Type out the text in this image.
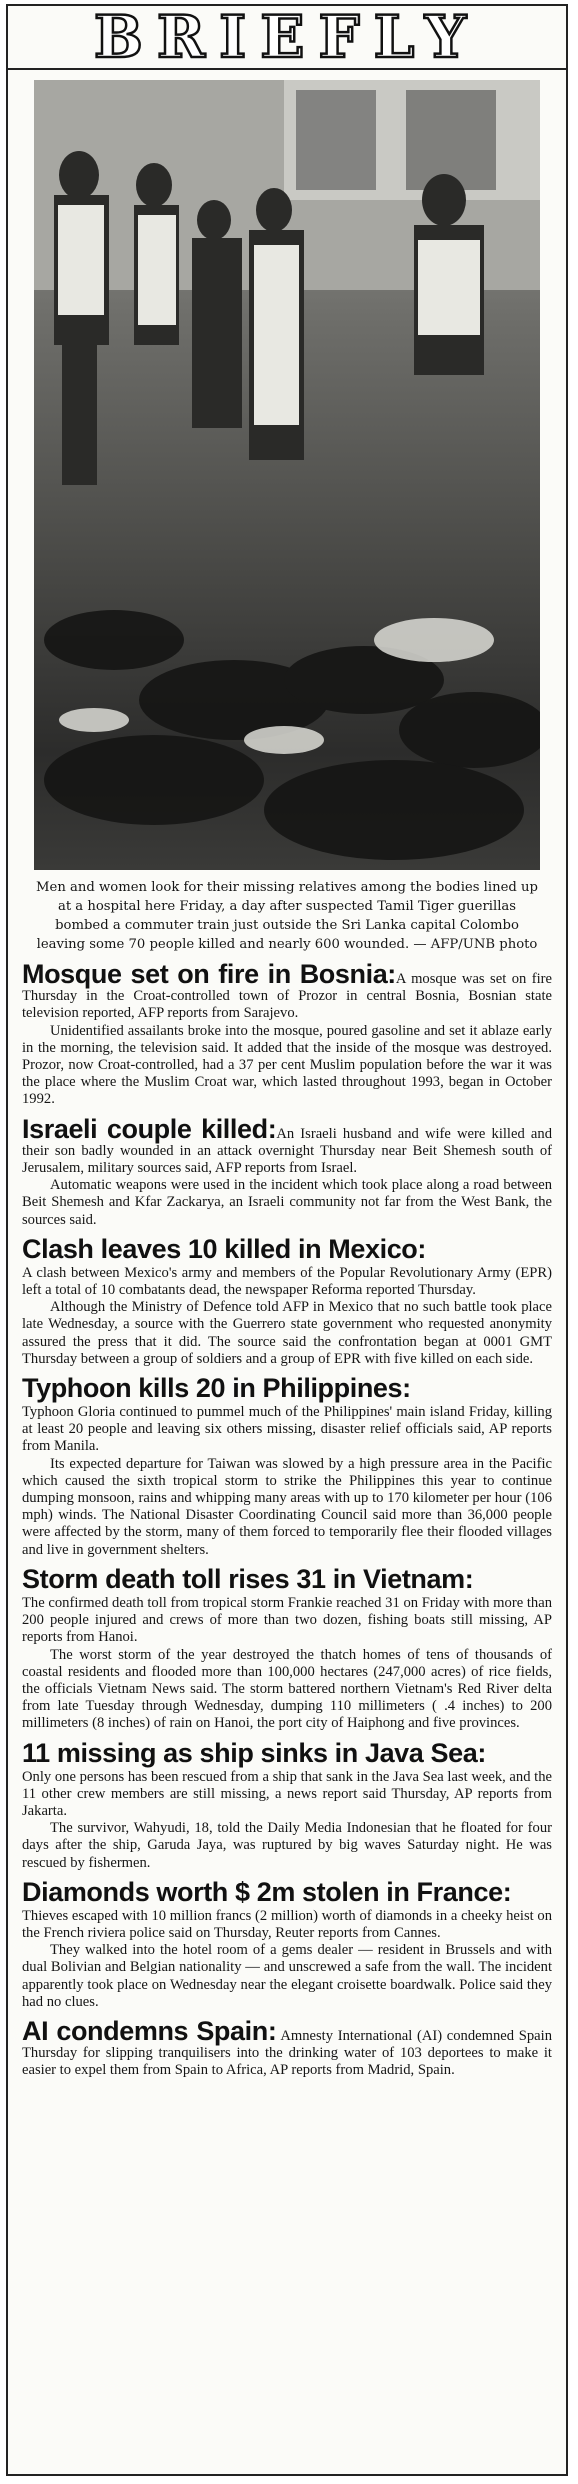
BRIEFLY
Men and women look for their missing relatives among the bodies lined up at a hospital here Friday, a day after suspected Tamil Tiger guerillas bombed a commuter train just outside the Sri Lanka capital Colombo leaving some 70 people killed and nearly 600 wounded. — AFP/UNB photo

Mosque set on fire in Bosnia:A mosque was set on fire Thursday in the Croat-controlled town of Prozor in central Bosnia, Bosnian state television reported, AFP reports from Sarajevo.

Unidentified assailants broke into the mosque, poured gasoline and set it ablaze early in the morning, the television said. It added that the inside of the mosque was destroyed. Prozor, now Croat-controlled, had a 37 per cent Muslim population before the war it was the place where the Muslim Croat war, which lasted throughout 1993, began in October 1992.

Israeli couple killed:An Israeli husband and wife were killed and their son badly wounded in an attack overnight Thursday near Beit Shemesh south of Jerusalem, military sources said, AFP reports from Israel.

Automatic weapons were used in the incident which took place along a road between Beit Shemesh and Kfar Zackarya, an Israeli community not far from the West Bank, the sources said.

Clash leaves 10 killed in Mexico:

A clash between Mexico's army and members of the Popular Revolutionary Army (EPR) left a total of 10 combatants dead, the newspaper Reforma reported Thursday.

Although the Ministry of Defence told AFP in Mexico that no such battle took place late Wednesday, a source with the Guerrero state government who requested anonymity assured the press that it did. The source said the confrontation began at 0001 GMT Thursday between a group of soldiers and a group of EPR with five killed on each side.

Typhoon kills 20 in Philippines:

Typhoon Gloria continued to pummel much of the Philippines' main island Friday, killing at least 20 people and leaving six others missing, disaster relief officials said, AP reports from Manila.

Its expected departure for Taiwan was slowed by a high pressure area in the Pacific which caused the sixth tropical storm to strike the Philippines this year to continue dumping monsoon, rains and whipping many areas with up to 170 kilometer per hour (106 mph) winds. The National Disaster Coordinating Council said more than 36,000 people were affected by the storm, many of them forced to temporarily flee their flooded villages and live in government shelters.

Storm death toll rises 31 in Vietnam:

The confirmed death toll from tropical storm Frankie reached 31 on Friday with more than 200 people injured and crews of more than two dozen, fishing boats still missing, AP reports from Hanoi.

The worst storm of the year destroyed the thatch homes of tens of thousands of coastal residents and flooded more than 100,000 hectares (247,000 acres) of rice fields, the officials Vietnam News said. The storm battered northern Vietnam's Red River delta from late Tuesday through Wednesday, dumping 110 millimeters ( .4 inches) to 200 millimeters (8 inches) of rain on Hanoi, the port city of Haiphong and five provinces.

11 missing as ship sinks in Java Sea:

Only one persons has been rescued from a ship that sank in the Java Sea last week, and the 11 other crew members are still missing, a news report said Thursday, AP reports from Jakarta.

The survivor, Wahyudi, 18, told the Daily Media Indonesian that he floated for four days after the ship, Garuda Jaya, was ruptured by big waves Saturday night. He was rescued by fishermen.

Diamonds worth $ 2m stolen in France:

Thieves escaped with 10 million francs (2 million) worth of diamonds in a cheeky heist on the French riviera police said on Thursday, Reuter reports from Cannes.

They walked into the hotel room of a gems dealer — resident in Brussels and with dual Bolivian and Belgian nationality — and unscrewed a safe from the wall. The incident apparently took place on Wednesday near the elegant croisette boardwalk. Police said they had no clues.

AI condemns Spain: Amnesty International (AI) condemned Spain Thursday for slipping tranquilisers into the drinking water of 103 deportees to make it easier to expel them from Spain to Africa, AP reports from Madrid, Spain.
